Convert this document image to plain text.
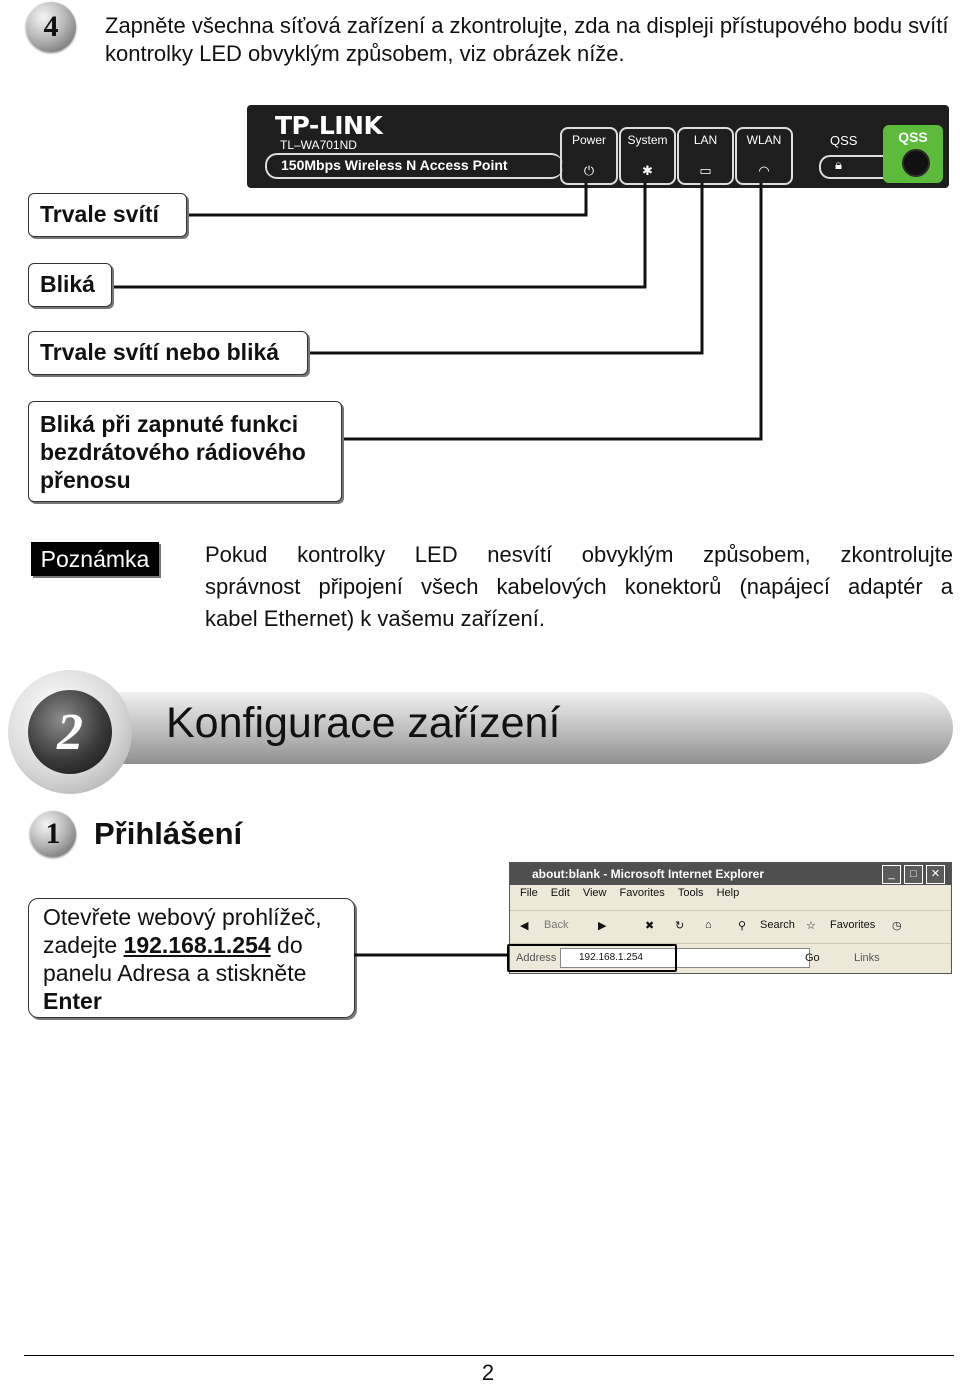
4	Zapněte všechna síťová zařízení a zkontrolujte, zda na displeji přístupového bodu svítí kontrolky LED obvyklým způsobem, viz obrázek níže.
TP-LINK
TL–WA701ND
150Mbps Wireless N Access Point
Power
⏻
System
✱
LAN
▭
WLAN
◠
QSS
🔒︎
QSS
Trvale svítí
Bliká
Trvale svítí nebo bliká
Bliká při zapnuté funkci bezdrátového rádiového přenosu
Poznámka	Pokud kontrolky LED nesvítí obvyklým způsobem, zkontrolujte
správnost připojení všech kabelových konektorů (napájecí adaptér a
kabel Ethernet) k vašemu zařízení.
2	Konfigurace zařízení
1	Přihlášení
Otevřete webový prohlížeč,
zadejte 192.168.1.254 do
panelu Adresa a stiskněte
Enter
about:blank - Microsoft Internet Explorer	_	□	✕
File Edit View Favorites Tools Help
◀ Back	▶	✖ ↻ ⌂ ⚲ Search ☆ Favorites ◷
Address	192.168.1.254	Go	Links
2
